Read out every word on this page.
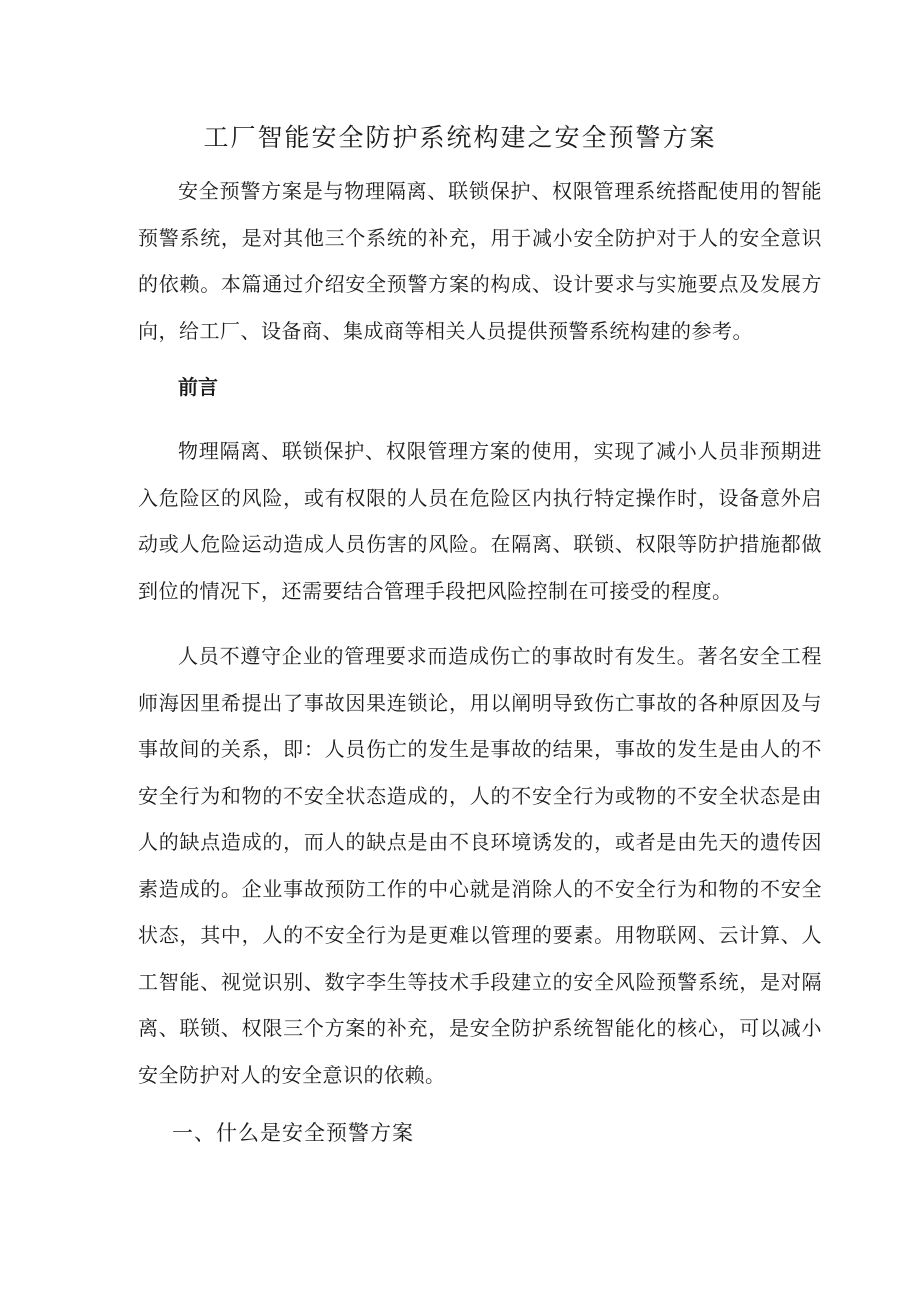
工厂智能安全防护系统构建之安全预警方案

安全预警方案是与物理隔离、联锁保护、权限管理系统搭配使用的智能预警系统，是对其他三个系统的补充，用于减小安全防护对于人的安全意识的依赖。本篇通过介绍安全预警方案的构成、设计要求与实施要点及发展方向，给工厂、设备商、集成商等相关人员提供预警系统构建的参考。

前言

物理隔离、联锁保护、权限管理方案的使用，实现了减小人员非预期进入危险区的风险，或有权限的人员在危险区内执行特定操作时，设备意外启动或人危险运动造成人员伤害的风险。在隔离、联锁、权限等防护措施都做到位的情况下，还需要结合管理手段把风险控制在可接受的程度。

人员不遵守企业的管理要求而造成伤亡的事故时有发生。著名安全工程师海因里希提出了事故因果连锁论，用以阐明导致伤亡事故的各种原因及与事故间的关系，即：人员伤亡的发生是事故的结果，事故的发生是由人的不安全行为和物的不安全状态造成的，人的不安全行为或物的不安全状态是由人的缺点造成的，而人的缺点是由不良环境诱发的，或者是由先天的遗传因素造成的。企业事故预防工作的中心就是消除人的不安全行为和物的不安全状态，其中，人的不安全行为是更难以管理的要素。用物联网、云计算、人工智能、视觉识别、数字李生等技术手段建立的安全风险预警系统，是对隔离、联锁、权限三个方案的补充，是安全防护系统智能化的核心，可以减小安全防护对人的安全意识的依赖。

一、什么是安全预警方案
